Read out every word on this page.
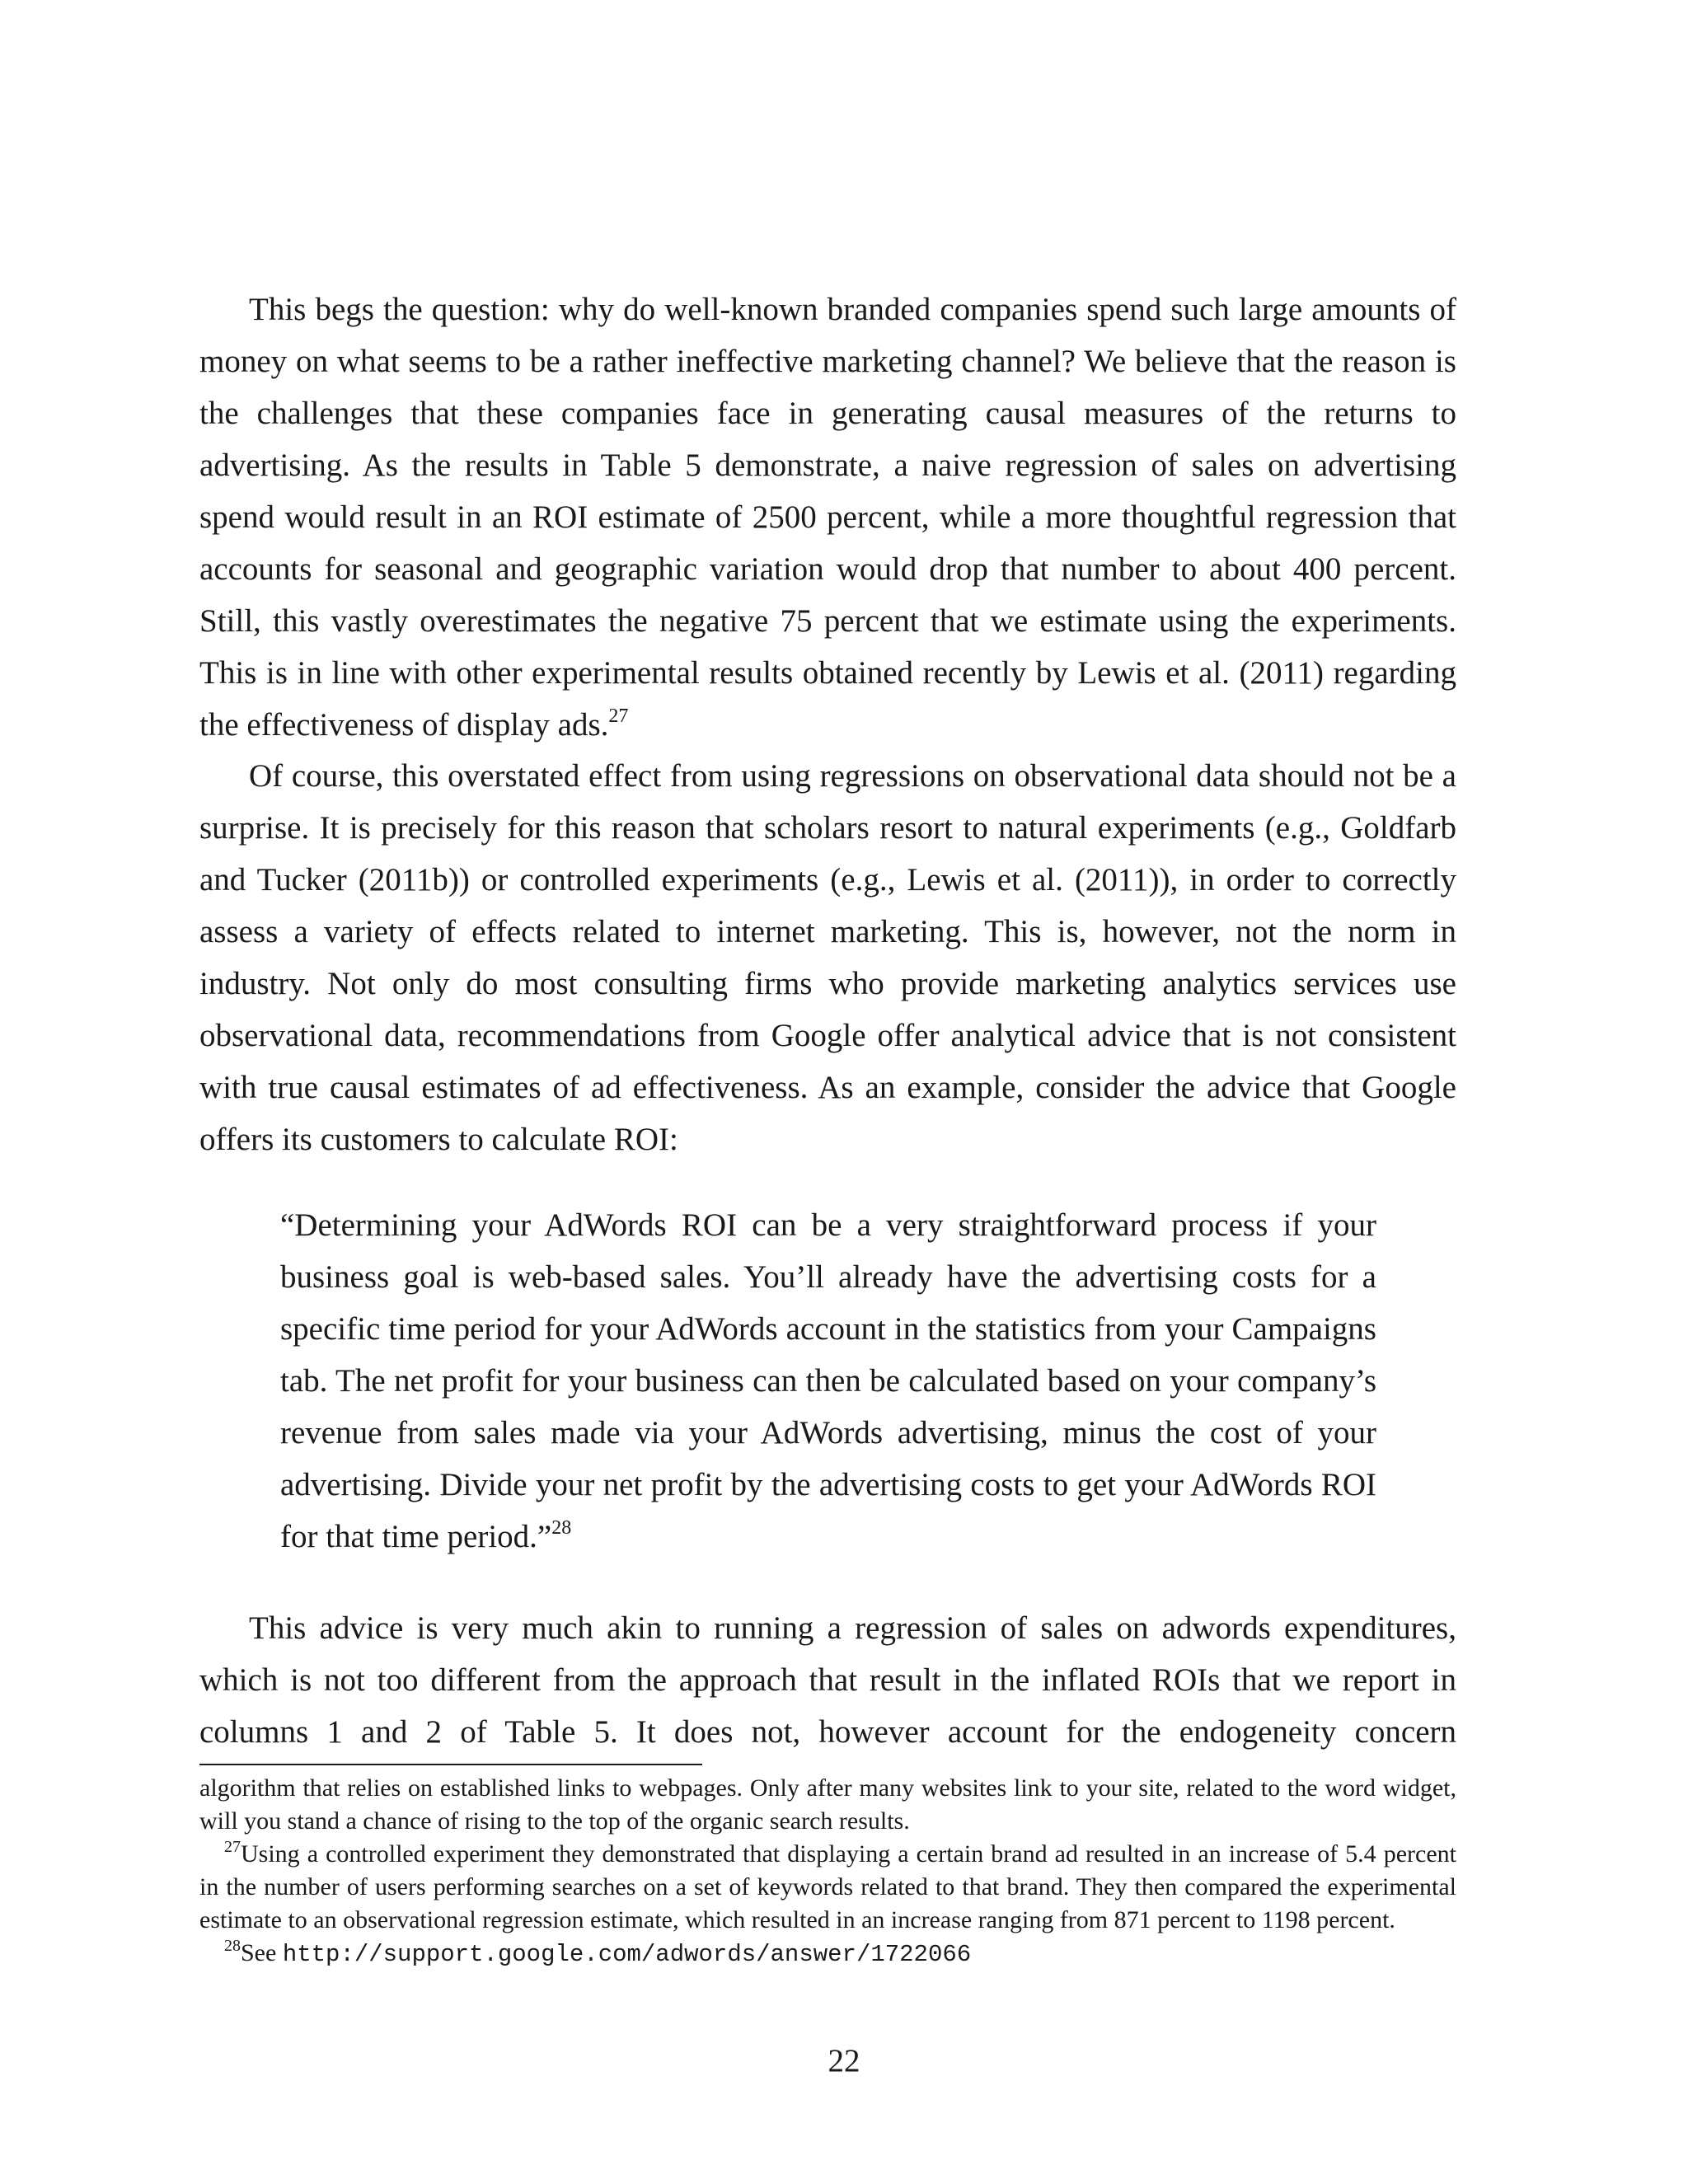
This begs the question: why do well-known branded companies spend such large amounts of money on what seems to be a rather ineffective marketing channel? We believe that the reason is the challenges that these companies face in generating causal measures of the returns to advertising. As the results in Table 5 demonstrate, a naive regression of sales on advertising spend would result in an ROI estimate of 2500 percent, while a more thoughtful regression that accounts for seasonal and geographic variation would drop that number to about 400 percent. Still, this vastly overestimates the negative 75 percent that we estimate using the experiments. This is in line with other experimental results obtained recently by Lewis et al. (2011) regarding the effectiveness of display ads.$^{27}$

Of course, this overstated effect from using regressions on observational data should not be a surprise. It is precisely for this reason that scholars resort to natural experiments (e.g., Goldfarb and Tucker (2011b)) or controlled experiments (e.g., Lewis et al. (2011)), in order to correctly assess a variety of effects related to internet marketing. This is, however, not the norm in industry. Not only do most consulting firms who provide marketing analytics services use observational data, recommendations from Google offer analytical advice that is not consistent with true causal estimates of ad effectiveness. As an example, consider the advice that Google offers its customers to calculate ROI:

“Determining your AdWords ROI can be a very straightforward process if your business goal is web-based sales. You’ll already have the advertising costs for a specific time period for your AdWords account in the statistics from your Campaigns tab. The net profit for your business can then be calculated based on your company’s revenue from sales made via your AdWords advertising, minus the cost of your advertising. Divide your net profit by the advertising costs to get your AdWords ROI for that time period.”$^{28}$

This advice is very much akin to running a regression of sales on adwords expenditures, which is not too different from the approach that result in the inflated ROIs that we report in columns 1 and 2 of Table 5. It does not, however account for the endogeneity concern

algorithm that relies on established links to webpages. Only after many websites link to your site, related to the word widget, will you stand a chance of rising to the top of the organic search results.

$^{27}$Using a controlled experiment they demonstrated that displaying a certain brand ad resulted in an increase of 5.4 percent in the number of users performing searches on a set of keywords related to that brand. They then compared the experimental estimate to an observational regression estimate, which resulted in an increase ranging from 871 percent to 1198 percent.

$^{28}$See http://support.google.com/adwords/answer/1722066

22
